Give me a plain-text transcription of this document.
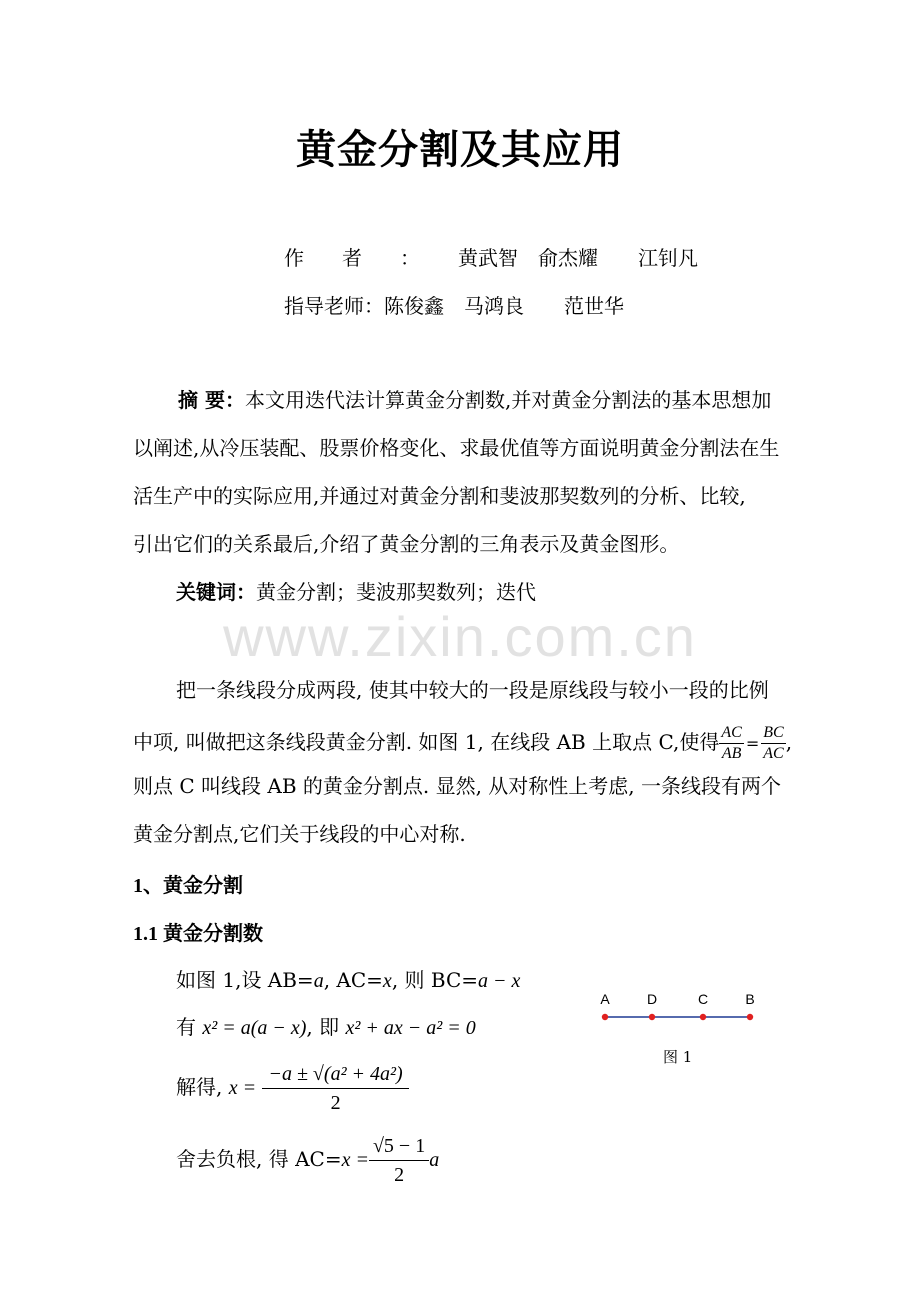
黄金分割及其应用
作者：黄武智　俞杰耀　　江钊凡
指导老师：陈俊鑫　马鸿良　　范世华
摘 要：本文用迭代法计算黄金分割数,并对黄金分割法的基本思想加
以阐述,从冷压装配、股票价格变化、求最优值等方面说明黄金分割法在生
活生产中的实际应用,并通过对黄金分割和斐波那契数列的分析、比较,
引出它们的关系最后,介绍了黄金分割的三角表示及黄金图形。
关键词：黄金分割；斐波那契数列；迭代
www.zixin.com.cn
把一条线段分成两段, 使其中较大的一段是原线段与较小一段的比例
中项, 叫做把这条线段黄金分割. 如图 1, 在线段 AB 上取点 C,使得 $\frac{AC}{AB} = \frac{BC}{AC}$ ,
则点 C 叫线段 AB 的黄金分割点. 显然, 从对称性上考虑, 一条线段有两个
黄金分割点,它们关于线段的中心对称.
1、黄金分割
1.1 黄金分割数
如图 1,设 AB=a, AC=x, 则 BC=a − x
有 x² = a(a − x), 即 x² + ax − a² = 0
解得, $x = \frac{\text{−a ± √(a² + 4a²)}}{2}$
舍去负根, 得 $AC=x = \frac{√5 - 1}{2}$ a
A	D	C	B
图 1
